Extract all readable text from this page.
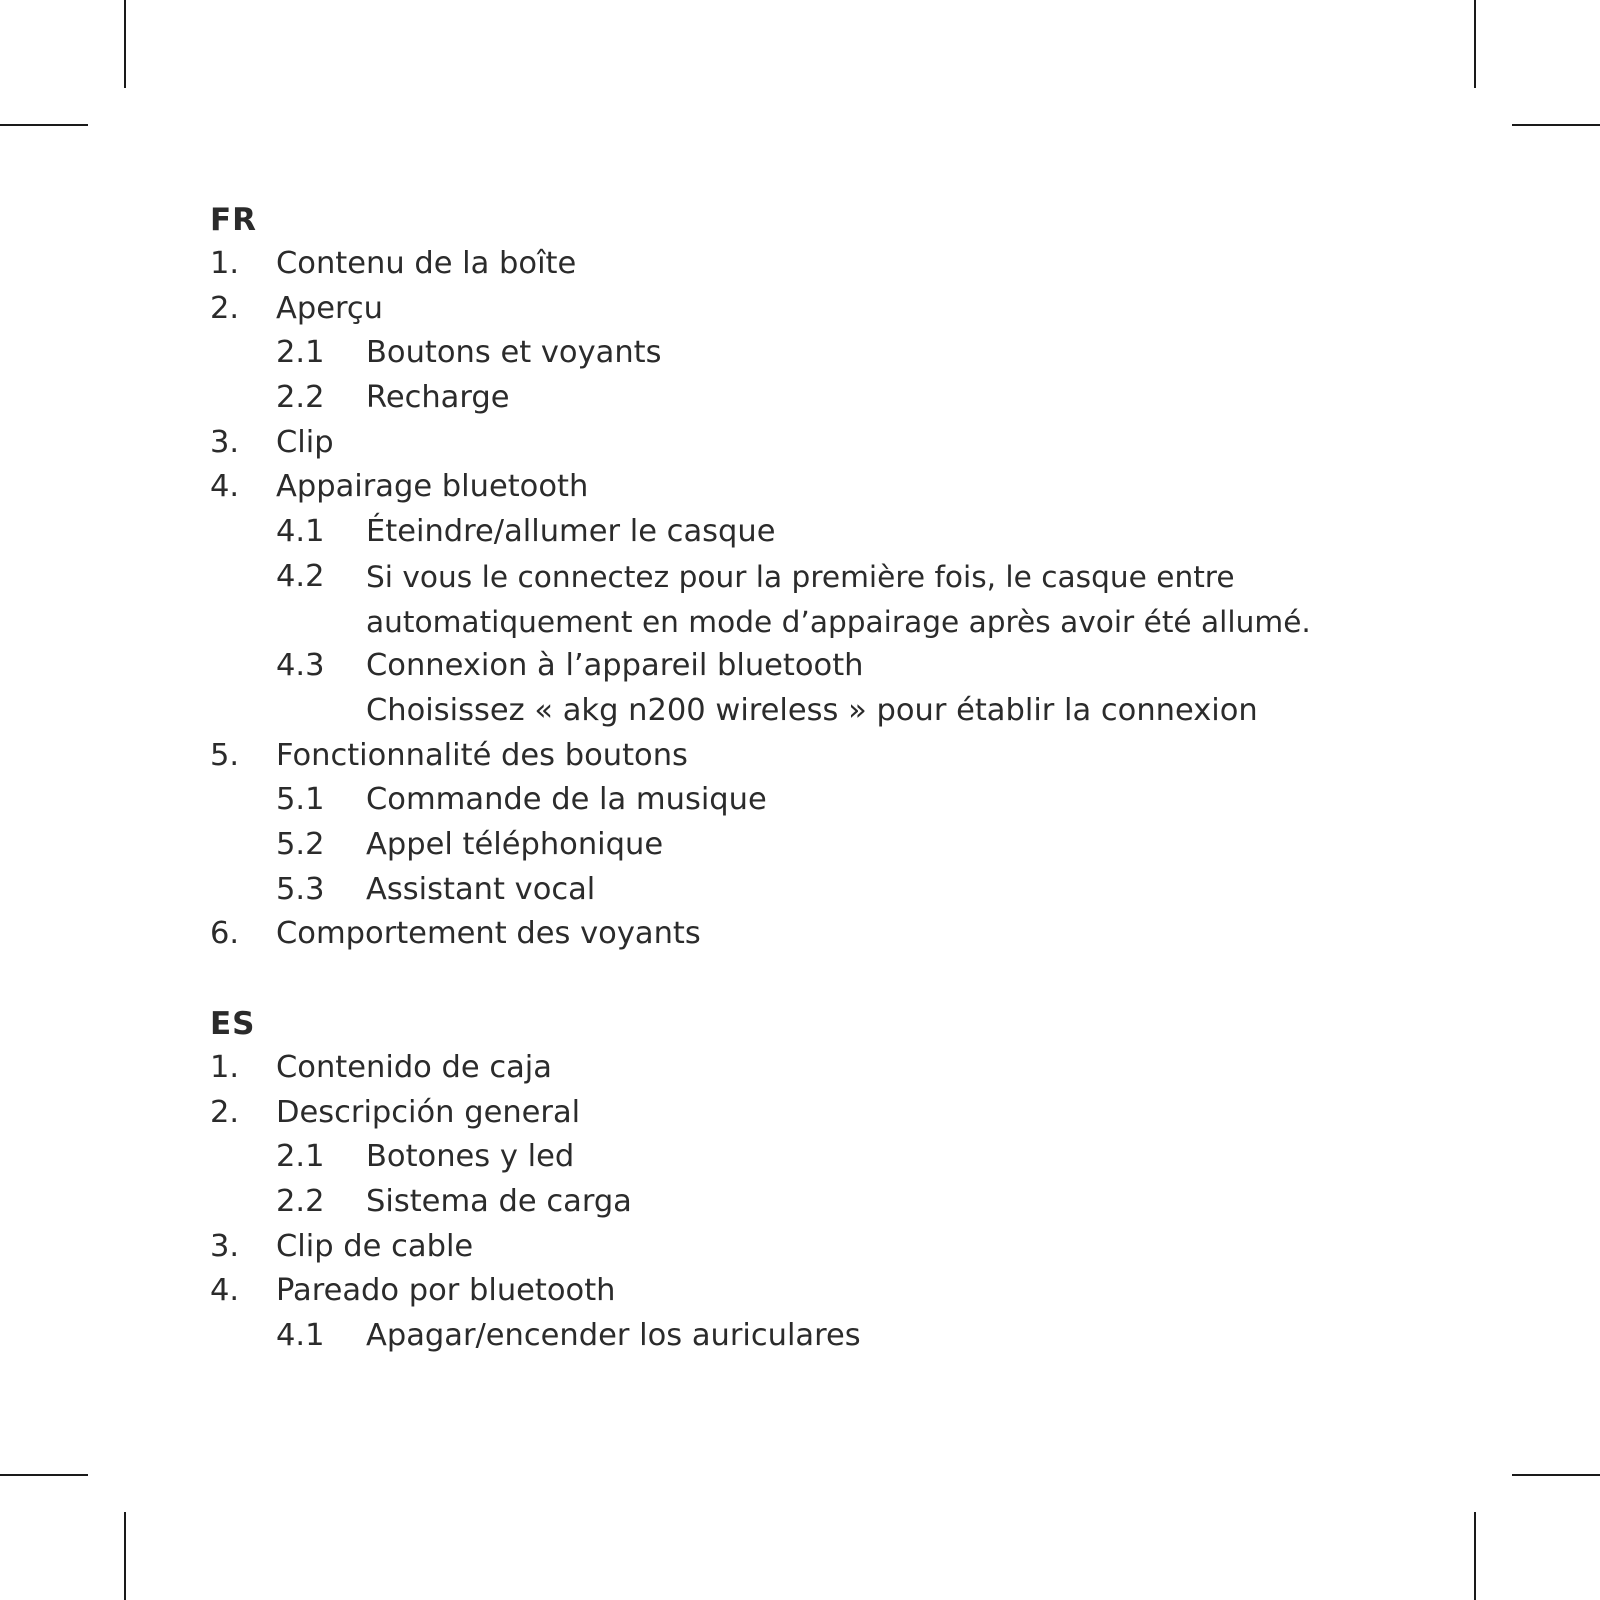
FR
1. Contenu de la boîte
2. Aperçu
2.1 Boutons et voyants
2.2 Recharge
3. Clip
4. Appairage bluetooth
4.1 Éteindre/allumer le casque
4.2 Si vous le connectez pour la première fois, le casque entre
automatiquement en mode d’appairage après avoir été allumé.
4.3 Connexion à l’appareil bluetooth
Choisissez « akg n200 wireless » pour établir la connexion
5. Fonctionnalité des boutons
5.1 Commande de la musique
5.2 Appel téléphonique
5.3 Assistant vocal
6. Comportement des voyants
ES
1. Contenido de caja
2. Descripción general
2.1 Botones y led
2.2 Sistema de carga
3. Clip de cable
4. Pareado por bluetooth
4.1 Apagar/encender los auriculares
